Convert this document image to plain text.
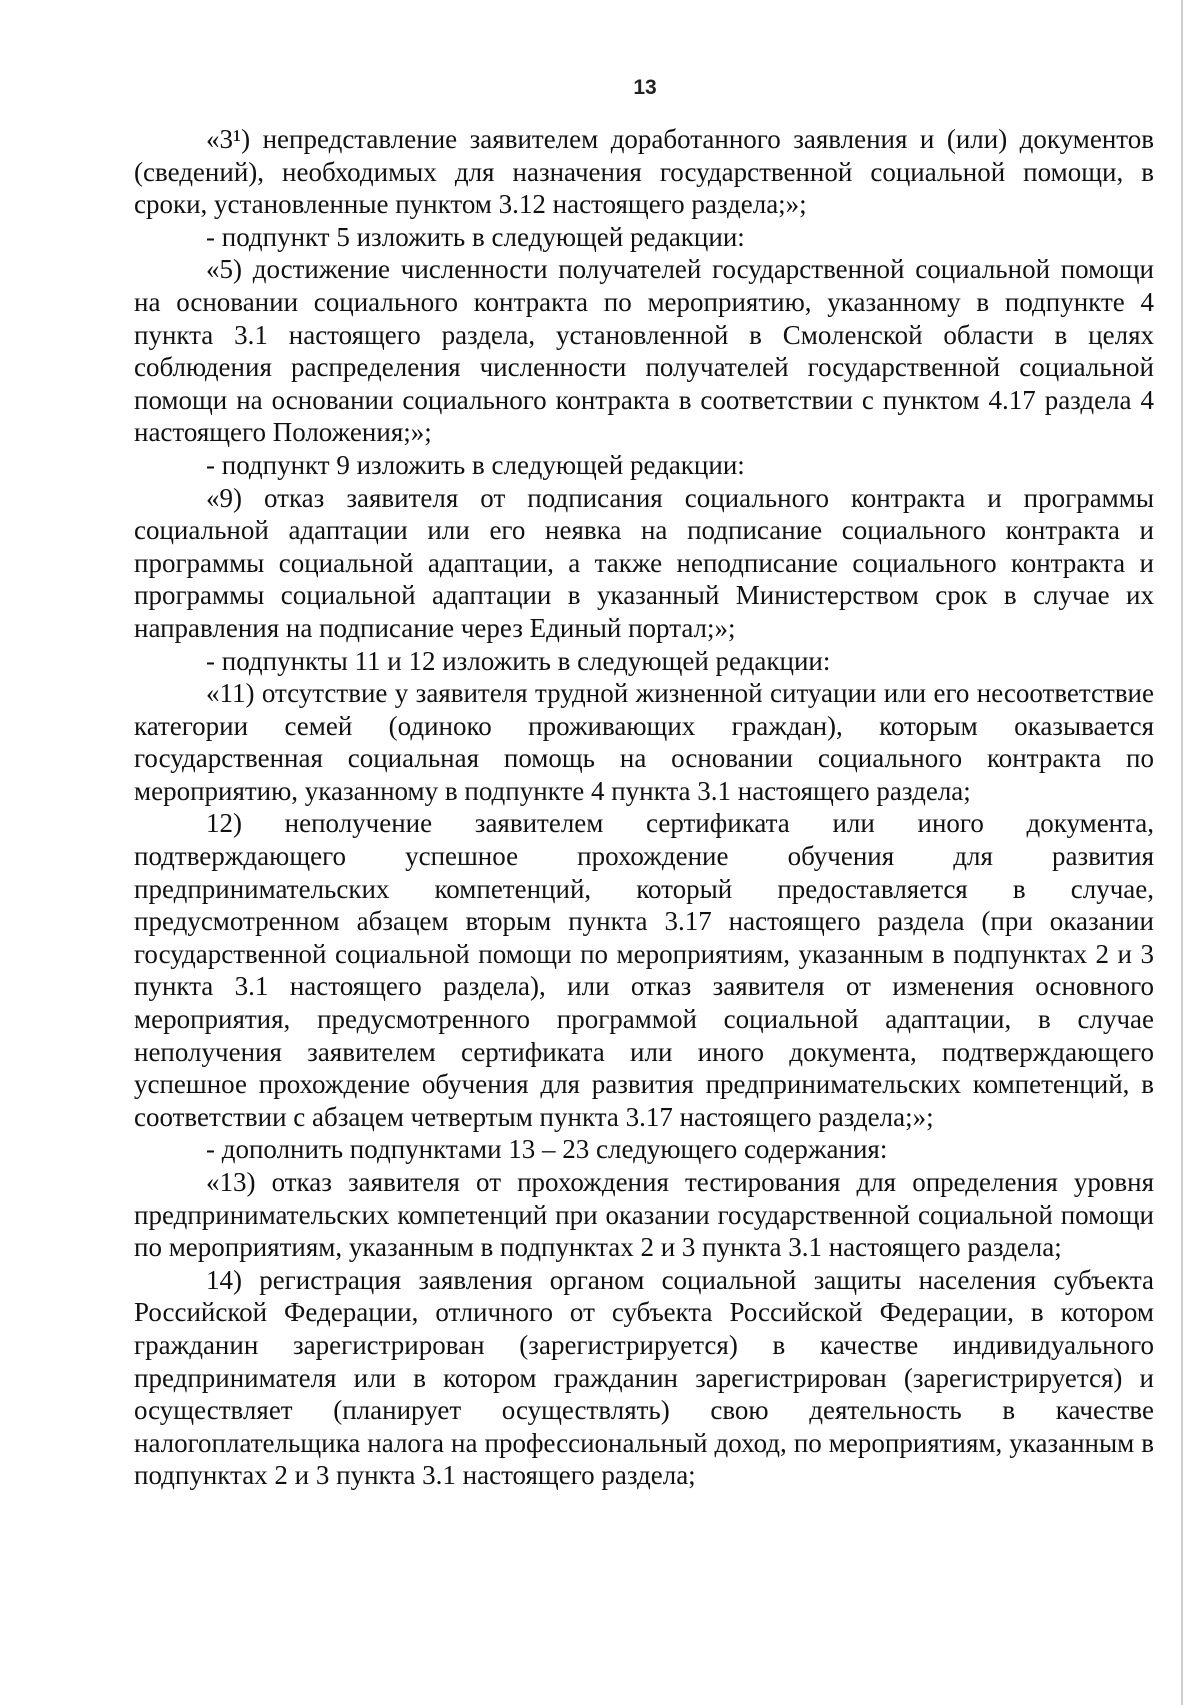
13

«3¹) непредставление заявителем доработанного заявления и (или) документов (сведений), необходимых для назначения государственной социальной помощи, в сроки, установленные пунктом 3.12 настоящего раздела;»;

- подпункт 5 изложить в следующей редакции:

«5) достижение численности получателей государственной социальной помощи на основании социального контракта по мероприятию, указанному в подпункте 4 пункта 3.1 настоящего раздела, установленной в Смоленской области в целях соблюдения распределения численности получателей государственной социальной помощи на основании социального контракта в соответствии с пунктом 4.17 раздела 4 настоящего Положения;»;

- подпункт 9 изложить в следующей редакции:

«9) отказ заявителя от подписания социального контракта и программы социальной адаптации или его неявка на подписание социального контракта и программы социальной адаптации, а также неподписание социального контракта и программы социальной адаптации в указанный Министерством срок в случае их направления на подписание через Единый портал;»;

- подпункты 11 и 12 изложить в следующей редакции:

«11) отсутствие у заявителя трудной жизненной ситуации или его несоответствие категории семей (одиноко проживающих граждан), которым оказывается государственная социальная помощь на основании социального контракта по мероприятию, указанному в подпункте 4 пункта 3.1 настоящего раздела;

12) неполучение заявителем сертификата или иного документа, подтверждающего успешное прохождение обучения для развития предпринимательских компетенций, который предоставляется в случае, предусмотренном абзацем вторым пункта 3.17 настоящего раздела (при оказании государственной социальной помощи по мероприятиям, указанным в подпунктах 2 и 3 пункта 3.1 настоящего раздела), или отказ заявителя от изменения основного мероприятия, предусмотренного программой социальной адаптации, в случае неполучения заявителем сертификата или иного документа, подтверждающего успешное прохождение обучения для развития предпринимательских компетенций, в соответствии с абзацем четвертым пункта 3.17 настоящего раздела;»;

- дополнить подпунктами 13 – 23 следующего содержания:

«13) отказ заявителя от прохождения тестирования для определения уровня предпринимательских компетенций при оказании государственной социальной помощи по мероприятиям, указанным в подпунктах 2 и 3 пункта 3.1 настоящего раздела;

14) регистрация заявления органом социальной защиты населения субъекта Российской Федерации, отличного от субъекта Российской Федерации, в котором гражданин зарегистрирован (зарегистрируется) в качестве индивидуального предпринимателя или в котором гражданин зарегистрирован (зарегистрируется) и осуществляет (планирует осуществлять) свою деятельность в качестве налогоплательщика налога на профессиональный доход, по мероприятиям, указанным в подпунктах 2 и 3 пункта 3.1 настоящего раздела;
